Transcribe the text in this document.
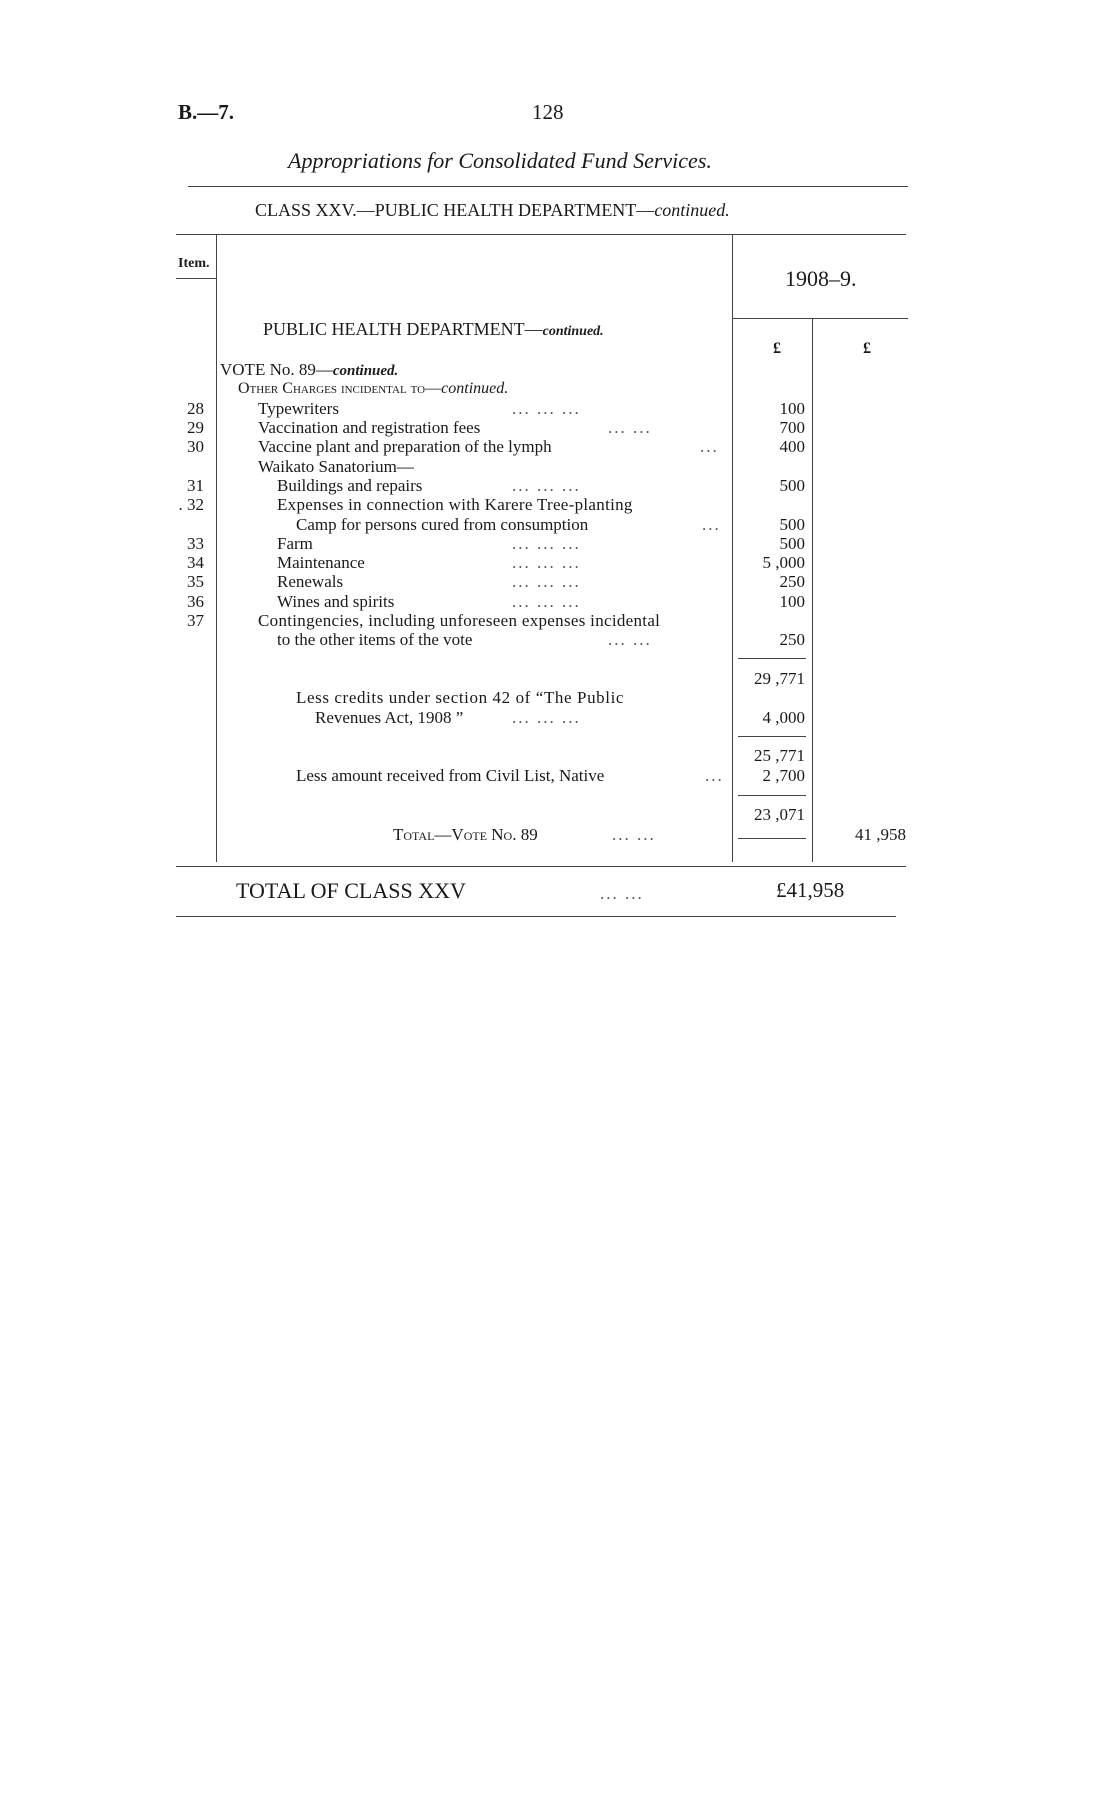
B.—7.	128
Appropriations for Consolidated Fund Services.
CLASS XXV.—PUBLIC HEALTH DEPARTMENT—continued.
Item.
1908–9.
£	£
PUBLIC HEALTH DEPARTMENT—continued.
VOTE No. 89—continued.
Other Charges incidental to—continued.
28	Typewriters	... ... ...	100
29	Vaccination and registration fees	... ...	700
30	Vaccine plant and preparation of the lymph	...	400
Waikato Sanatorium—
31	Buildings and repairs	... ... ...	500
. 32	Expenses in connection with Karere Tree-planting
Camp for persons cured from consumption	...	500
33	Farm	... ... ...	500
34	Maintenance	... ... ...	5 ,000
35	Renewals	... ... ...	250
36	Wines and spirits	... ... ...	100
37	Contingencies, including unforeseen expenses incidental
to the other items of the vote	... ...	250
29 ,771
Less credits under section 42 of “The Public
Revenues Act, 1908 ”	... ... ...	4 ,000
25 ,771
Less amount received from Civil List, Native	...	2 ,700
23 ,071
Total—Vote No. 89	... ...	41 ,958
TOTAL OF CLASS XXV	... ...	£41,958
